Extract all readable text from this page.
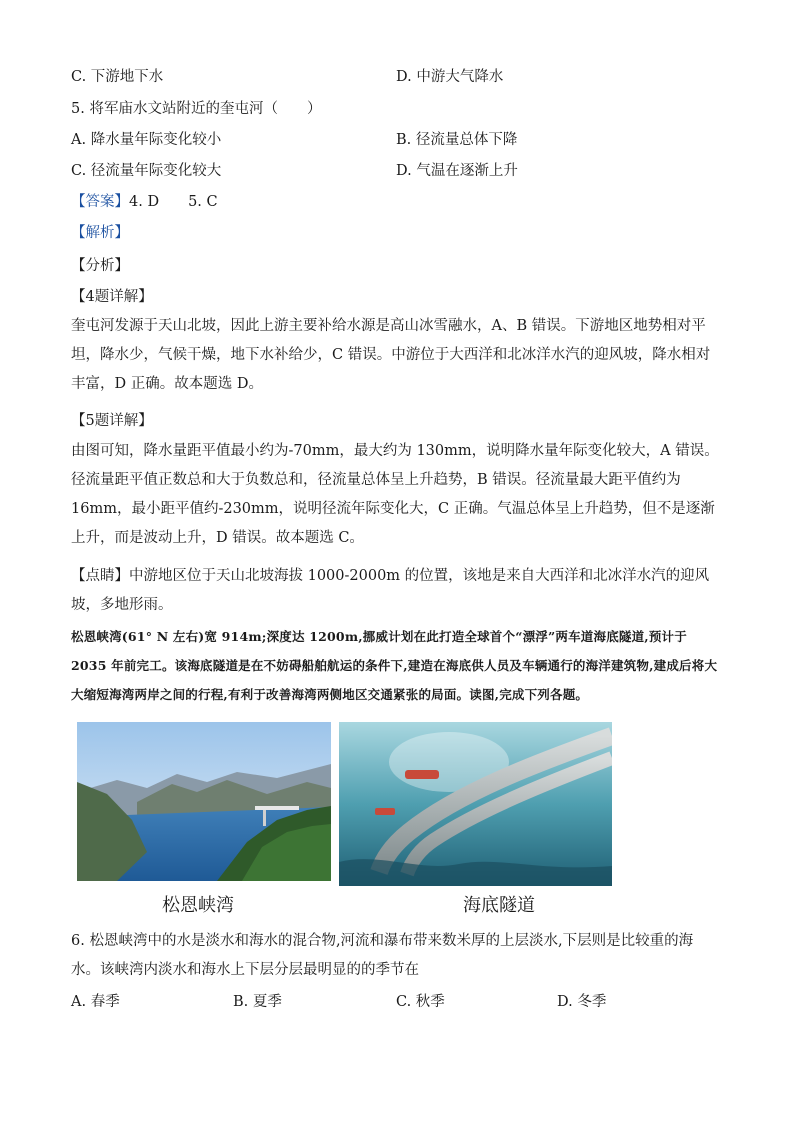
C. 下游地下水	D. 中游大气降水
5. 将军庙水文站附近的奎屯河（　　）
A. 降水量年际变化较小	B. 径流量总体下降
C. 径流量年际变化较大	D. 气温在逐渐上升
【答案】4. D　　5. C
【解析】
【分析】
【4题详解】
奎屯河发源于天山北坡，因此上游主要补给水源是高山冰雪融水，A、B 错误。下游地区地势相对平坦，降水少，气候干燥，地下水补给少，C 错误。中游位于大西洋和北冰洋水汽的迎风坡，降水相对丰富，D 正确。故本题选 D。
【5题详解】
由图可知，降水量距平值最小约为-70mm，最大约为 130mm，说明降水量年际变化较大，A 错误。径流量距平值正数总和大于负数总和，径流量总体呈上升趋势，B 错误。径流量最大距平值约为 16mm，最小距平值约-230mm，说明径流年际变化大，C 正确。气温总体呈上升趋势，但不是逐渐上升，而是波动上升，D 错误。故本题选 C。
【点睛】中游地区位于天山北坡海拔 1000-2000m 的位置，该地是来自大西洋和北冰洋水汽的迎风坡，多地形雨。
松恩峡湾(61° N 左右)宽 914m;深度达 1200m,挪威计划在此打造全球首个“漂浮”两车道海底隧道,预计于 2035 年前完工。该海底隧道是在不妨碍船舶航运的条件下,建造在海底供人员及车辆通行的海洋建筑物,建成后将大大缩短海湾两岸之间的行程,有利于改善海湾两侧地区交通紧张的局面。读图,完成下列各题。
松恩峡湾	海底隧道
6. 松恩峡湾中的水是淡水和海水的混合物,河流和瀑布带来数米厚的上层淡水,下层则是比较重的海水。该峡湾内淡水和海水上下层分层最明显的的季节在
A. 春季	B. 夏季	C. 秋季	D. 冬季
